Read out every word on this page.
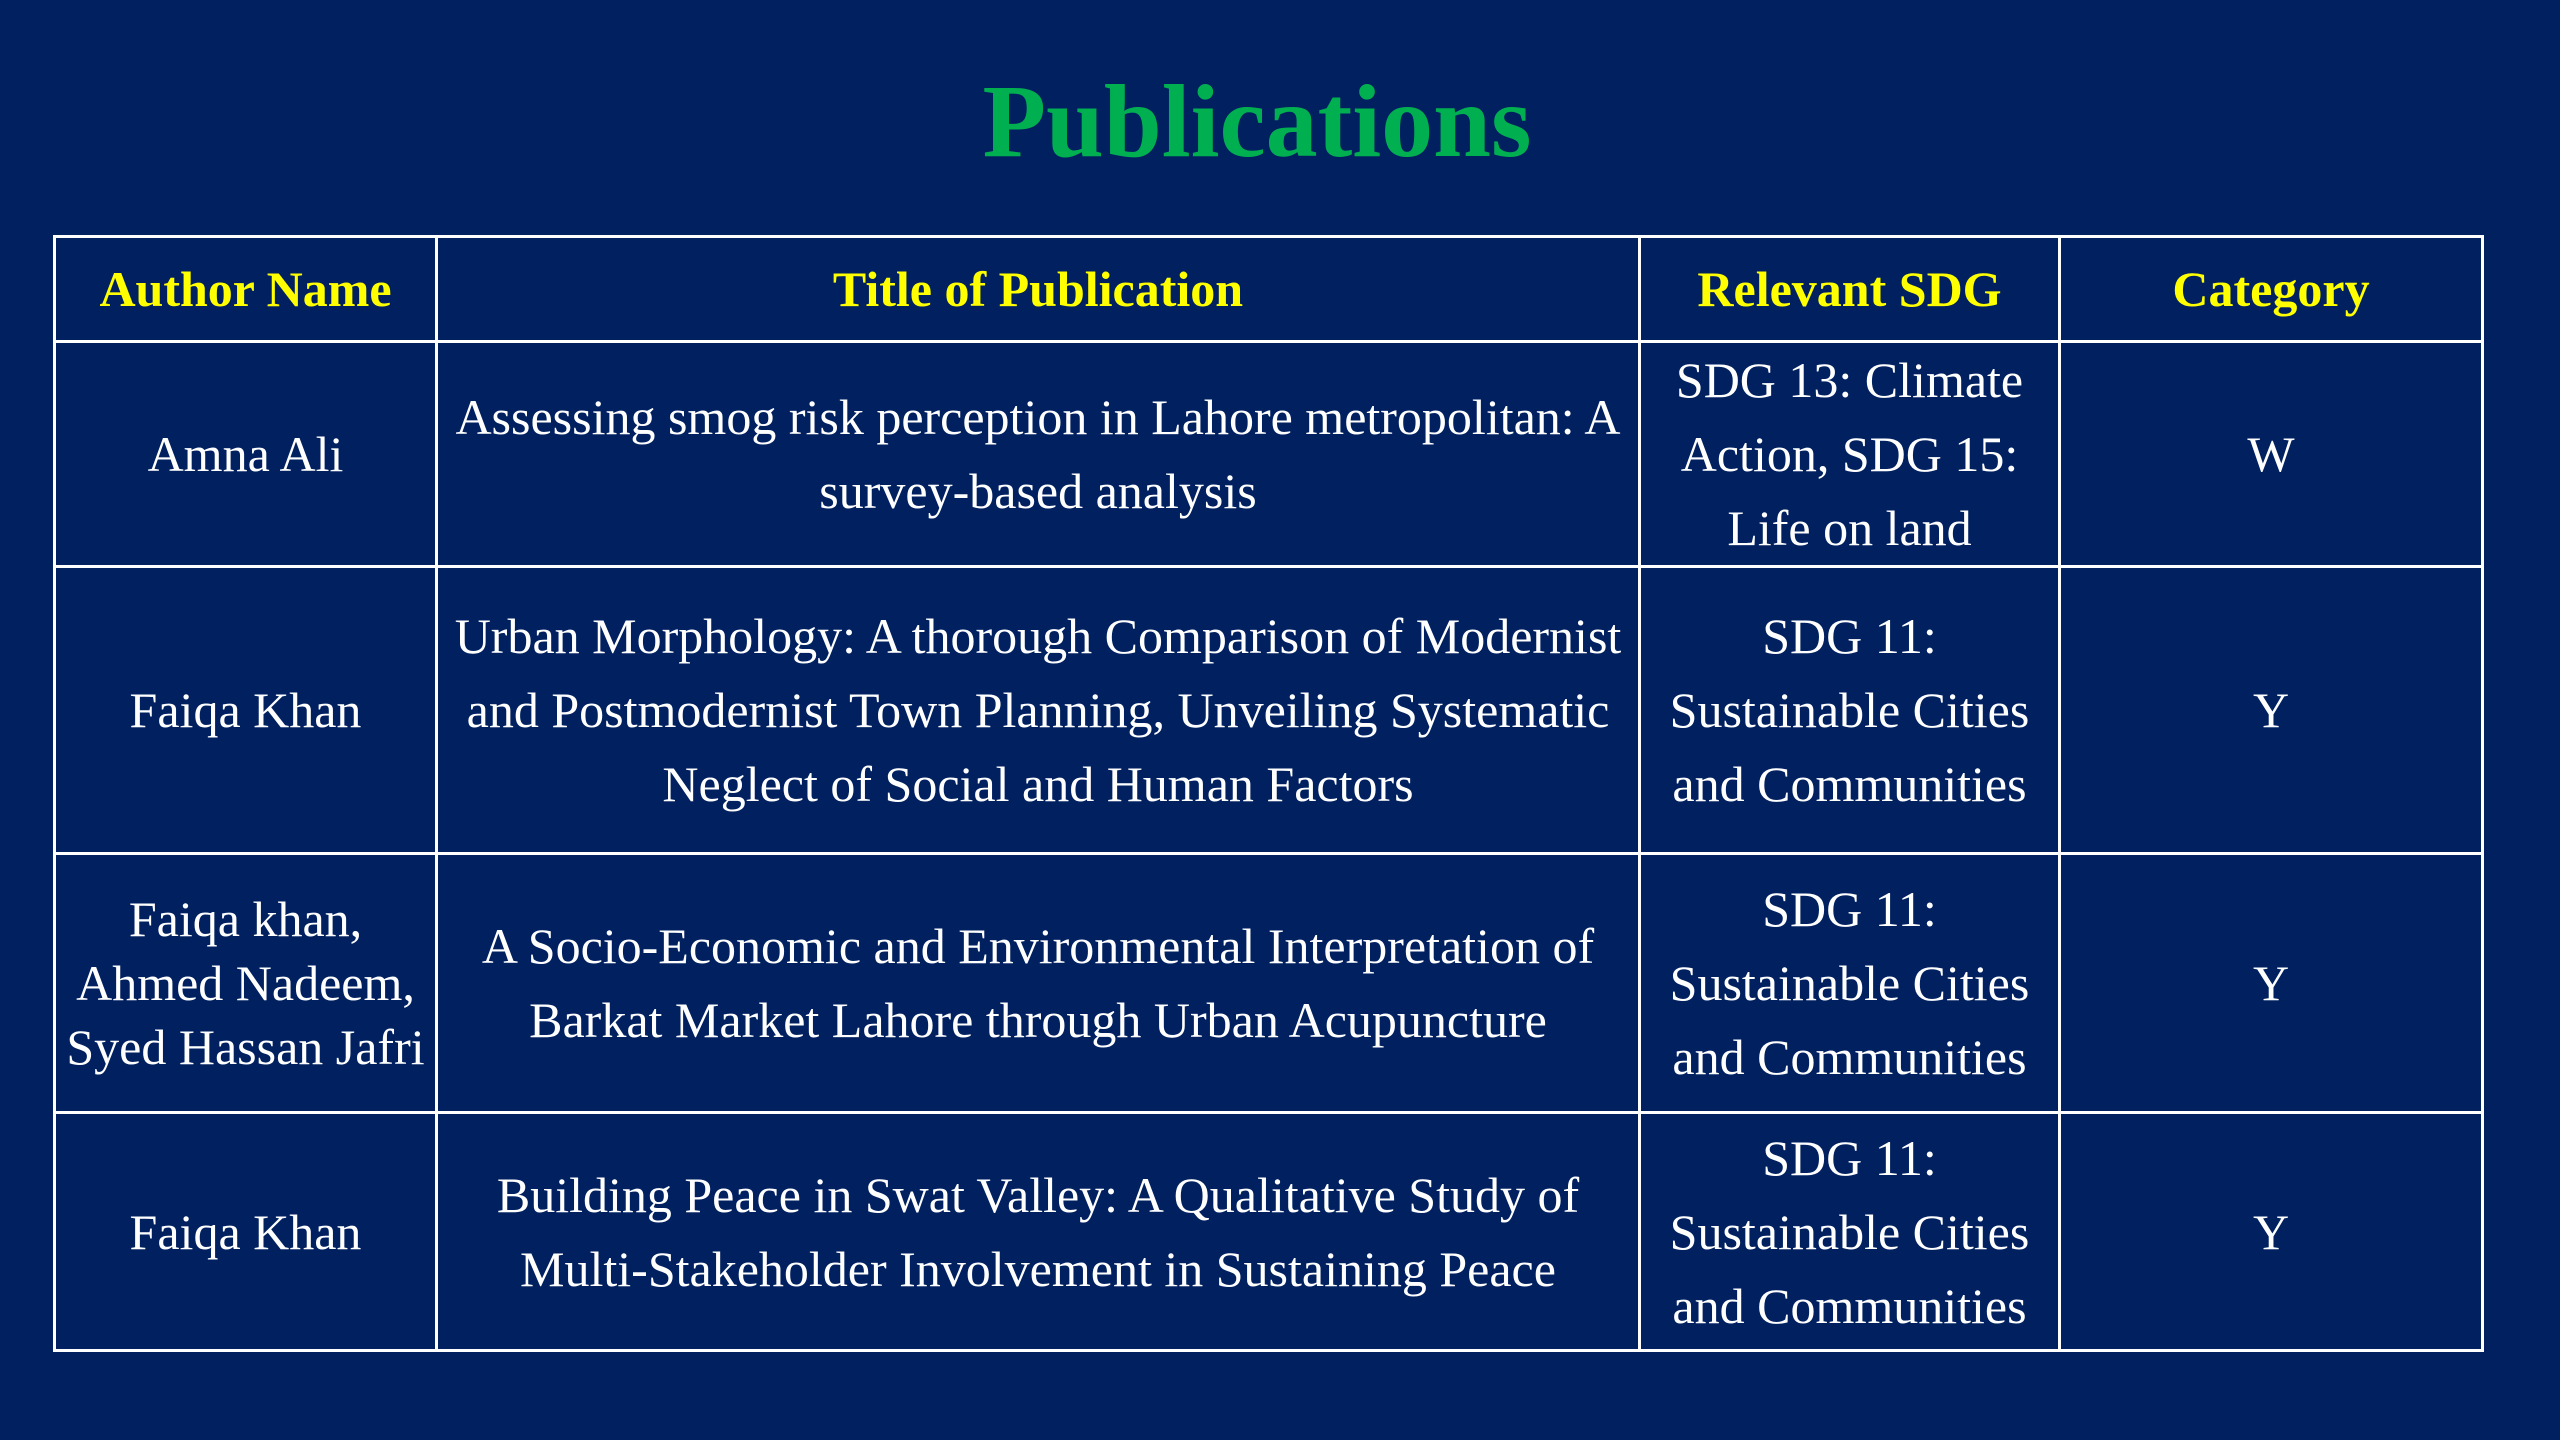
Publications
Author Name	Title of Publication	Relevant SDG	Category
Amna Ali	Assessing smog risk perception in Lahore metropolitan: A survey-based analysis	SDG 13: Climate Action, SDG 15: Life on land	W
Faiqa Khan	Urban Morphology: A thorough Comparison of Modernist and Postmodernist Town Planning, Unveiling Systematic Neglect of Social and Human Factors	SDG 11: Sustainable Cities and Communities	Y
Faiqa khan, Ahmed Nadeem, Syed Hassan Jafri	A Socio-Economic and Environmental Interpretation of Barkat Market Lahore through Urban Acupuncture	SDG 11: Sustainable Cities and Communities	Y
Faiqa Khan	Building Peace in Swat Valley: A Qualitative Study of Multi-Stakeholder Involvement in Sustaining Peace	SDG 11: Sustainable Cities and Communities	Y
